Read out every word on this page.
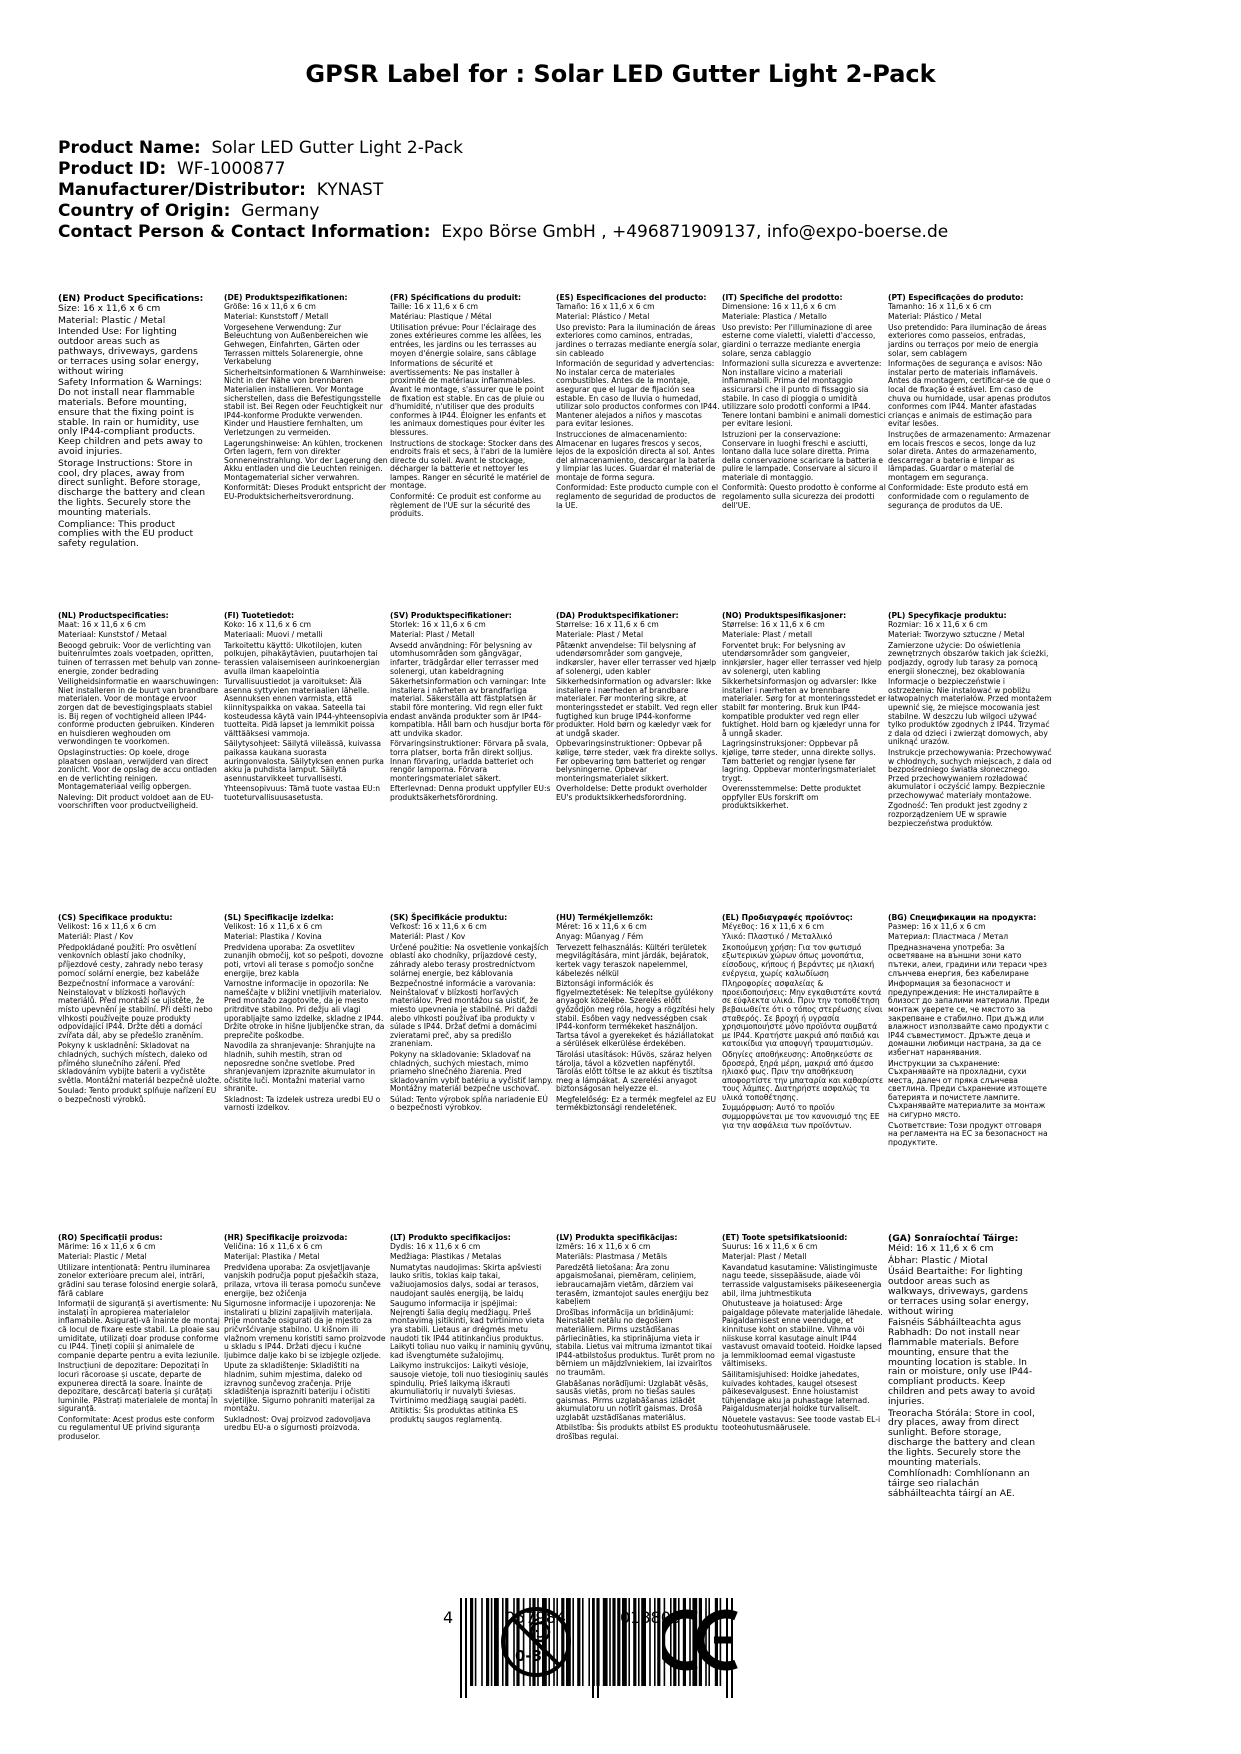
GPSR Label for : Solar LED Gutter Light 2-Pack
Product Name: Solar LED Gutter Light 2-Pack
Product ID: WF-1000877
Manufacturer/Distributor: KYNAST
Country of Origin: Germany
Contact Person & Contact Information: Expo Börse GmbH , +496871909137, info@expo-boerse.de
(EN) Product Specifications:

Size: 16 x 11,6 x 6 cm

Material: Plastic / Metal

Intended Use: For lighting outdoor areas such as pathways, driveways, gardens or terraces using solar energy, without wiring

Safety Information & Warnings: Do not install near flammable materials. Before mounting, ensure that the fixing point is stable. In rain or humidity, use only IP44-compliant products. Keep children and pets away to avoid injuries.

Storage Instructions: Store in cool, dry places, away from direct sunlight. Before storage, discharge the battery and clean the lights. Securely store the mounting materials.

Compliance: This product complies with the EU product safety regulation.

(DE) Produktspezifikationen:

Größe: 16 x 11,6 x 6 cm

Material: Kunststoff / Metall

Vorgesehene Verwendung: Zur Beleuchtung von Außenbereichen wie Gehwegen, Einfahrten, Gärten oder Terrassen mittels Solarenergie, ohne Verkabelung

Sicherheitsinformationen & Warnhinweise: Nicht in der Nähe von brennbaren Materialien installieren. Vor Montage sicherstellen, dass die Befestigungsstelle stabil ist. Bei Regen oder Feuchtigkeit nur IP44-konforme Produkte verwenden. Kinder und Haustiere fernhalten, um Verletzungen zu vermeiden.

Lagerungshinweise: An kühlen, trockenen Orten lagern, fern von direkter Sonneneinstrahlung. Vor der Lagerung den Akku entladen und die Leuchten reinigen. Montagematerial sicher verwahren.

Konformität: Dieses Produkt entspricht der EU-Produktsicherheitsverordnung.

(FR) Spécifications du produit:

Taille: 16 x 11,6 x 6 cm

Matériau: Plastique / Métal

Utilisation prévue: Pour l'éclairage des zones extérieures comme les allées, les entrées, les jardins ou les terrasses au moyen d'énergie solaire, sans câblage

Informations de sécurité et avertissements: Ne pas installer à proximité de matériaux inflammables. Avant le montage, s'assurer que le point de fixation est stable. En cas de pluie ou d'humidité, n'utiliser que des produits conformes à IP44. Éloigner les enfants et les animaux domestiques pour éviter les blessures.

Instructions de stockage: Stocker dans des endroits frais et secs, à l'abri de la lumière directe du soleil. Avant le stockage, décharger la batterie et nettoyer les lampes. Ranger en sécurité le matériel de montage.

Conformité: Ce produit est conforme au règlement de l'UE sur la sécurité des produits.

(ES) Especificaciones del producto:

Tamaño: 16 x 11,6 x 6 cm

Material: Plástico / Metal

Uso previsto: Para la iluminación de áreas exteriores como caminos, entradas, jardines o terrazas mediante energía solar, sin cableado

Información de seguridad y advertencias: No instalar cerca de materiales combustibles. Antes de la montaje, asegurar que el lugar de fijación sea estable. En caso de lluvia o humedad, utilizar solo productos conformes con IP44. Mantener alejados a niños y mascotas para evitar lesiones.

Instrucciones de almacenamiento: Almacenar en lugares frescos y secos, lejos de la exposición directa al sol. Antes del almacenamiento, descargar la batería y limpiar las luces. Guardar el material de montaje de forma segura.

Conformidad: Este producto cumple con el reglamento de seguridad de productos de la UE.

(IT) Specifiche del prodotto:

Dimensione: 16 x 11,6 x 6 cm

Materiale: Plastica / Metallo

Uso previsto: Per l'illuminazione di aree esterne come vialetti, vialetti d'accesso, giardini o terrazze mediante energia solare, senza cablaggio

Informazioni sulla sicurezza e avvertenze: Non installare vicino a materiali infiammabili. Prima del montaggio assicurarsi che il punto di fissaggio sia stabile. In caso di pioggia o umidità utilizzare solo prodotti conformi a IP44. Tenere lontani bambini e animali domestici per evitare lesioni.

Istruzioni per la conservazione: Conservare in luoghi freschi e asciutti, lontano dalla luce solare diretta. Prima della conservazione scaricare la batteria e pulire le lampade. Conservare al sicuro il materiale di montaggio.

Conformità: Questo prodotto è conforme al regolamento sulla sicurezza dei prodotti dell'UE.

(PT) Especificações do produto:

Tamanho: 16 x 11,6 x 6 cm

Material: Plástico / Metal

Uso pretendido: Para iluminação de áreas exteriores como passeios, entradas, jardins ou terraços por meio de energia solar, sem cablagem

Informações de segurança e avisos: Não instalar perto de materiais inflamáveis. Antes da montagem, certificar-se de que o local de fixação é estável. Em caso de chuva ou humidade, usar apenas produtos conformes com IP44. Manter afastadas crianças e animais de estimação para evitar lesões.

Instruções de armazenamento: Armazenar em locais frescos e secos, longe da luz solar direta. Antes do armazenamento, descarregar a bateria e limpar as lâmpadas. Guardar o material de montagem em segurança.

Conformidade: Este produto está em conformidade com o regulamento de segurança de produtos da UE.

(NL) Productspecificaties:

Maat: 16 x 11,6 x 6 cm

Materiaal: Kunststof / Metaal

Beoogd gebruik: Voor de verlichting van buitenruimtes zoals voetpaden, opritten, tuinen of terrassen met behulp van zonne-energie, zonder bedrading

Veiligheidsinformatie en waarschuwingen: Niet installeren in de buurt van brandbare materialen. Voor de montage ervoor zorgen dat de bevestigingsplaats stabiel is. Bij regen of vochtigheid alleen IP44-conforme producten gebruiken. Kinderen en huisdieren weghouden om verwondingen te voorkomen.

Opslaginstructies: Op koele, droge plaatsen opslaan, verwijderd van direct zonlicht. Voor de opslag de accu ontladen en de verlichting reinigen. Montagemateriaal veilig opbergen.

Naleving: Dit product voldoet aan de EU-voorschriften voor productveiligheid.

(FI) Tuotetiedot:

Koko: 16 x 11,6 x 6 cm

Materiaali: Muovi / metalli

Tarkoitettu käyttö: Ulkotilojen, kuten polkujen, pihakäytävien, puutarhojen tai terassien valaisemiseen aurinkoenergian avulla ilman kaapelointia

Turvallisuustiedot ja varoitukset: Älä asenna syttyvien materiaalien lähelle. Asennuksen ennen varmista, että kiinnityspaikka on vakaa. Sateella tai kosteudessa käytä vain IP44-yhteensopivia tuotteita. Pidä lapset ja lemmikit poissa välttääksesi vammoja.

Säilytysohjeet: Säilytä viileässä, kuivassa paikassa kaukana suorasta auringonvalosta. Säilytyksen ennen purka akku ja puhdista lamput. Säilytä asennustarvikkeet turvallisesti.

Yhteensopivuus: Tämä tuote vastaa EU:n tuoteturvallisuusasetusta.

(SV) Produktspecifikationer:

Storlek: 16 x 11,6 x 6 cm

Material: Plast / Metall

Avsedd användning: För belysning av utomhusområden som gångvägar, infarter, trädgårdar eller terrasser med solenergi, utan kabeldragning

Säkerhetsinformation och varningar: Inte installera i närheten av brandfarliga material. Säkerställa att fästplatsen är stabil före montering. Vid regn eller fukt endast använda produkter som är IP44-kompatibla. Håll barn och husdjur borta för att undvika skador.

Förvaringsinstruktioner: Förvara på svala, torra platser, borta från direkt solljus. Innan förvaring, urladda batteriet och rengör lamporna. Förvara monteringsmaterialet säkert.

Efterlevnad: Denna produkt uppfyller EU:s produktsäkerhetsförordning.

(DA) Produktspecifikationer:

Størrelse: 16 x 11,6 x 6 cm

Materiale: Plast / Metal

Påtænkt anvendelse: Til belysning af udendørsområder som gangveje, indkørsler, haver eller terrasser ved hjælp af solenergi, uden kabler

Sikkerhedsinformation og advarsler: Ikke installere i nærheden af brandbare materialer. Før montering sikre, at monteringsstedet er stabilt. Ved regn eller fugtighed kun bruge IP44-konforme produkter. Hold børn og kæledyr væk for at undgå skader.

Opbevaringsinstruktioner: Opbevar på kølige, tørre steder, væk fra direkte sollys. Før opbevaring tøm batteriet og rengør belysningerne. Opbevar monteringsmaterialet sikkert.

Overholdelse: Dette produkt overholder EU's produktsikkerhedsforordning.

(NO) Produktspesifikasjoner:

Størrelse: 16 x 11,6 x 6 cm

Materiale: Plast / metall

Forventet bruk: For belysning av utendørsområder som gangveier, innkjørsler, hager eller terrasser ved hjelp av solenergi, uten kabling

Sikkerhetsinformasjon og advarsler: Ikke installer i nærheten av brennbare materialer. Sørg for at monteringsstedet er stabilt før montering. Bruk kun IP44-kompatible produkter ved regn eller fuktighet. Hold barn og kjæledyr unna for å unngå skader.

Lagringsinstruksjoner: Oppbevar på kjølige, tørre steder, unna direkte sollys. Tøm batteriet og rengjør lysene før lagring. Oppbevar monteringsmaterialet trygt.

Overensstemmelse: Dette produktet oppfyller EUs forskrift om produktsikkerhet.

(PL) Specyfikacje produktu:

Rozmiar: 16 x 11,6 x 6 cm

Materiał: Tworzywo sztuczne / Metal

Zamierzone użycie: Do oświetlenia zewnętrznych obszarów takich jak ścieżki, podjazdy, ogrody lub tarasy za pomocą energii słonecznej, bez okablowania

Informacje o bezpieczeństwie i ostrzeżenia: Nie instalować w pobliżu łatwopalnych materiałów. Przed montażem upewnić się, że miejsce mocowania jest stabilne. W deszczu lub wilgoci używać tylko produktów zgodnych z IP44. Trzymać z dala od dzieci i zwierząt domowych, aby uniknąć urazów.

Instrukcje przechowywania: Przechowywać w chłodnych, suchych miejscach, z dala od bezpośredniego światła słonecznego. Przed przechowywaniem rozładować akumulator i oczyścić lampy. Bezpiecznie przechowywać materiały montażowe.

Zgodność: Ten produkt jest zgodny z rozporządzeniem UE w sprawie bezpieczeństwa produktów.

(CS) Specifikace produktu:

Velikost: 16 x 11,6 x 6 cm

Materiál: Plast / Kov

Předpokládané použití: Pro osvětlení venkovních oblastí jako chodníky, příjezdové cesty, zahrady nebo terasy pomocí solární energie, bez kabeláže

Bezpečnostní informace a varování: Neinstalovat v blízkosti hořlavých materiálů. Před montáží se ujistěte, že místo upevnění je stabilní. Při dešti nebo vlhkosti používejte pouze produkty odpovídající IP44. Držte děti a domácí zvířata dál, aby se předešlo zraněním.

Pokyny k uskladnění: Skladovat na chladných, suchých místech, daleko od přímého slunečního záření. Před skladováním vybijte baterii a vyčistěte světla. Montážní materiál bezpečně uložte.

Soulad: Tento produkt splňuje nařízení EU o bezpečnosti výrobků.

(SL) Specifikacije izdelka:

Velikost: 16 x 11,6 x 6 cm

Material: Plastika / Kovina

Predvidena uporaba: Za osvetlitev zunanjih območij, kot so pešpoti, dovozne poti, vrtovi ali terase s pomočjo sončne energije, brez kabla

Varnostne informacije in opozorila: Ne nameščajte v bližini vnetljivih materialov. Pred montažo zagotovite, da je mesto pritrditve stabilno. Pri dežju ali vlagi uporabljajte samo izdelke, skladne z IP44. Držite otroke in hišne ljubljenčke stran, da preprečite poškodbe.

Navodila za shranjevanje: Shranjujte na hladnih, suhih mestih, stran od neposredne sončne svetlobe. Pred shranjevanjem izpraznite akumulator in očistite luči. Montažni material varno shranite.

Skladnost: Ta izdelek ustreza uredbi EU o varnosti izdelkov.

(SK) Špecifikácie produktu:

Veľkosť: 16 x 11,6 x 6 cm

Materiál: Plast / Kov

Určené použitie: Na osvetlenie vonkajších oblastí ako chodníky, príjazdové cesty, záhrady alebo terasy prostredníctvom solárnej energie, bez káblovania

Bezpečnostné informácie a varovania: Neinštalovať v blízkosti horľavých materiálov. Pred montážou sa uistiť, že miesto upevnenia je stabilné. Pri daždi alebo vlhkosti používať iba produkty v súlade s IP44. Držať deťmi a domácimi zvieratami preč, aby sa predišlo zraneniam.

Pokyny na skladovanie: Skladovať na chladných, suchých miestach, mimo priameho slnečného žiarenia. Pred skladovaním vybiť batériu a vyčistiť lampy. Montážny materiál bezpečne uschovať.

Súlad: Tento výrobok spĺňa nariadenie EÚ o bezpečnosti výrobkov.

(HU) Termékjellemzők:

Méret: 16 x 11,6 x 6 cm

Anyag: Műanyag / Fém

Tervezett felhasználás: Kültéri területek megvilágítására, mint járdák, bejáratok, kertek vagy teraszok napelemmel, kábelezés nélkül

Biztonsági információk és figyelmeztetések: Ne telepítse gyúlékony anyagok közelébe. Szerelés előtt győződjön meg róla, hogy a rögzítési hely stabil. Esőben vagy nedvességben csak IP44-konform termékeket használjon. Tartsa távol a gyerekeket és háziállatokat a sérülések elkerülése érdekében.

Tárolási utasítások: Hűvös, száraz helyen tárolja, távol a közvetlen napfénytől. Tárolás előtt töltse le az akkut és tisztítsa meg a lámpákat. A szerelési anyagot biztonságosan helyezze el.

Megfelelőség: Ez a termék megfelel az EU termékbiztonsági rendeletének.

(EL) Προδιαγραφές προϊόντος:

Μέγεθος: 16 x 11,6 x 6 cm

Υλικό: Πλαστικό / Μεταλλικό

Σκοπούμενη χρήση: Για τον φωτισμό εξωτερικών χώρων όπως μονοπάτια, είσοδους, κήπους ή βεράντες με ηλιακή ενέργεια, χωρίς καλωδίωση

Πληροφορίες ασφαλείας & προειδοποιήσεις: Μην εγκαθιστάτε κοντά σε εύφλεκτα υλικά. Πριν την τοποθέτηση βεβαιωθείτε ότι ο τόπος στερέωσης είναι σταθερός. Σε βροχή ή υγρασία χρησιμοποιήστε μόνο προϊόντα συμβατά με IP44. Κρατήστε μακριά από παιδιά και κατοικίδια για αποφυγή τραυματισμών.

Οδηγίες αποθήκευσης: Αποθηκεύστε σε δροσερά, ξηρά μέρη, μακριά από άμεσο ηλιακό φως. Πριν την αποθήκευση αποφορτίστε την μπαταρία και καθαρίστε τους λάμπες. Διατηρήστε ασφαλώς τα υλικά τοποθέτησης.

Συμμόρφωση: Αυτό το προϊόν συμμορφώνεται με τον κανονισμό της ΕΕ για την ασφάλεια των προϊόντων.

(BG) Спецификации на продукта:

Размер: 16 x 11,6 x 6 cm

Материал: Пластмаса / Метал

Предназначена употреба: За осветяване на външни зони като пътеки, алеи, градини или тераси чрез слънчева енергия, без кабелиране

Информация за безопасност и предупреждения: Не инсталирайте в близост до запалими материали. Преди монтаж уверете се, че мястото за закрепване е стабилно. При дъжд или влажност използвайте само продукти с IP44 съвместимост. Дръжте деца и домашни любимци настрана, за да се избегнат наранявания.

Инструкции за съхранение: Съхранявайте на прохладни, сухи места, далеч от пряка слънчева светлина. Преди съхранение изтощете батерията и почистете лампите. Съхранявайте материалите за монтаж на сигурно място.

Съответствие: Този продукт отговаря на регламента на ЕС за безопасност на продуктите.

(RO) Specificații produs:

Mărime: 16 x 11,6 x 6 cm

Material: Plastic / Metal

Utilizare intenționată: Pentru iluminarea zonelor exterioare precum alei, intrări, grădini sau terase folosind energie solară, fără cablare

Informații de siguranță și avertismente: Nu instalați în apropierea materialelor inflamabile. Asigurați-vă înainte de montaj că locul de fixare este stabil. La ploaie sau umiditate, utilizați doar produse conforme cu IP44. Țineți copiii și animalele de companie departe pentru a evita leziunile.

Instrucțiuni de depozitare: Depozitați în locuri răcoroase și uscate, departe de expunerea directă la soare. Înainte de depozitare, descărcați bateria și curățați luminile. Păstrați materialele de montaj în siguranță.

Conformitate: Acest produs este conform cu regulamentul UE privind siguranța produselor.

(HR) Specifikacije proizvoda:

Veličina: 16 x 11,6 x 6 cm

Materijal: Plastika / Metal

Predviđena uporaba: Za osvjetljavanje vanjskih područja poput pješačkih staza, prilaza, vrtova ili terasa pomoću sunčeve energije, bez ožičenja

Sigurnosne informacije i upozorenja: Ne instalirati u blizini zapaljivih materijala. Prije montaže osigurati da je mjesto za pričvršćivanje stabilno. U kišnom ili vlažnom vremenu koristiti samo proizvode u skladu s IP44. Držati djecu i kućne ljubimce dalje kako bi se izbjegle ozljede.

Upute za skladištenje: Skladištiti na hladnim, suhim mjestima, daleko od izravnog sunčevog zračenja. Prije skladištenja isprazniti bateriju i očistiti svjetiljke. Sigurno pohraniti materijal za montažu.

Sukladnost: Ovaj proizvod zadovoljava uredbu EU-a o sigurnosti proizvoda.

(LT) Produkto specifikacijos:

Dydis: 16 x 11,6 x 6 cm

Medžiaga: Plastikas / Metalas

Numatytas naudojimas: Skirta apšviesti lauko sritis, tokias kaip takai, važiuojamosios dalys, sodai ar terasos, naudojant saulės energiją, be laidų

Saugumo informacija ir įspėjimai: Neįrengti šalia degių medžiagų. Prieš montavimą įsitikinti, kad tvirtinimo vieta yra stabili. Lietaus ar drėgmės metu naudoti tik IP44 atitinkančius produktus. Laikyti toliau nuo vaikų ir naminių gyvūnų, kad išvengtumėte sužalojimų.

Laikymo instrukcijos: Laikyti vėsioje, sausoje vietoje, toli nuo tiesioginių saulės spindulių. Prieš laikymą iškrauti akumuliatorių ir nuvalyti šviesas. Tvirtinimo medžiagą saugiai padėti.

Atitiktis: Šis produktas atitinka ES produktų saugos reglamentą.

(LV) Produkta specifikācijas:

Izmērs: 16 x 11,6 x 6 cm

Materiāls: Plastmasa / Metāls

Paredzētā lietošana: Āra zonu apgaismošanai, piemēram, celiņiem, iebraucamajām vietām, dārziem vai terasēm, izmantojot saules enerģiju bez kabeļiem

Drošības informācija un brīdinājumi: Neinstalēt netālu no degošiem materiāliem. Pirms uzstādīšanas pārliecināties, ka stiprinājuma vieta ir stabila. Lietus vai mitruma izmantot tikai IP44-atbilstošus produktus. Turēt prom no bērniem un mājdzīvniekiem, lai izvairītos no traumām.

Glabāšanas norādījumi: Uzglabāt vēsās, sausās vietās, prom no tiešas saules gaismas. Pirms uzglabāšanas izlādēt akumulatoru un notīrīt gaismas. Drošā uzglabāt uzstādīšanas materiālus.

Atbilstība: Šis produkts atbilst ES produktu drošības regulai.

(ET) Toote spetsifikatsioonid:

Suurus: 16 x 11,6 x 6 cm

Materjal: Plast / Metall

Kavandatud kasutamine: Välistingimuste nagu teede, sissepääsude, aiade või terrasside valgustamiseks päikeseenergia abil, ilma juhtmestikuta

Ohutusteave ja hoiatused: Ärge paigaldage põlevate materjalide lähedale. Paigaldamisest enne veenduge, et kinnituse koht on stabiilne. Vihma või niiskuse korral kasutage ainult IP44 vastavust omavaid tooteid. Hoidke lapsed ja lemmikloomad eemal vigastuste vältimiseks.

Säilitamisjuhised: Hoidke jahedates, kuivades kohtades, kaugel otsesest päikesevalgusest. Enne hoiustamist tühjendage aku ja puhastage laternad. Paigaldusmaterjal hoidke turvaliselt.

Nõuetele vastavus: See toode vastab EL-i tooteohutusmäärusele.

(GA) Sonraíochtaí Táirge:

Méid: 16 x 11,6 x 6 cm

Ábhar: Plastic / Miotal

Úsáid Beartaithe: For lighting outdoor areas such as walkways, driveways, gardens or terraces using solar energy, without wiring

Faisnéis Sábháilteachta agus Rabhadh: Do not install near flammable materials. Before mounting, ensure that the mounting location is stable. In rain or moisture, only use IP44-compliant products. Keep children and pets away to avoid injuries.

Treoracha Stórála: Store in cool, dry places, away from direct sunlight. Before storage, discharge the battery and clean the lights. Securely store the mounting materials.

Comhlíonadh: Comhlíonann an táirge seo rialachán sábháilteachta táirgí an AE.

4	057984	018800
0-3
